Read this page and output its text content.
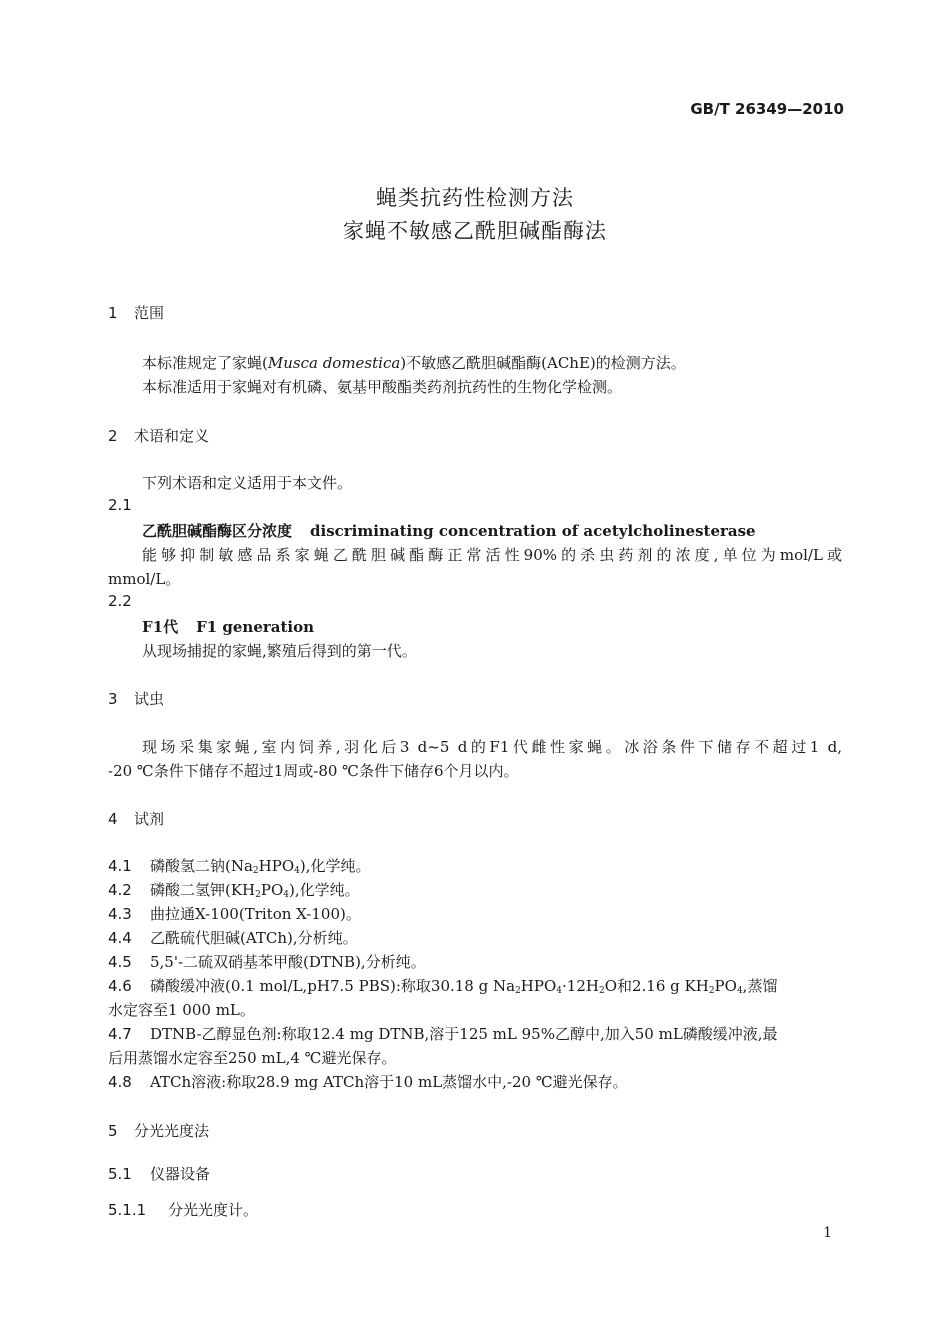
GB/T 26349—2010
蝇类抗药性检测方法
家蝇不敏感乙酰胆碱酯酶法
1 范围
本标准规定了家蝇(Musca domestica)不敏感乙酰胆碱酯酶(AChE)的检测方法。
本标准适用于家蝇对有机磷、氨基甲酸酯类药剂抗药性的生物化学检测。
2 术语和定义
下列术语和定义适用于本文件。
2.1
乙酰胆碱酯酶区分浓度 discriminating concentration of acetylcholinesterase
能够抑制敏感品系家蝇乙酰胆碱酯酶正常活性90%的杀虫药剂的浓度,单位为mol/L或
mmol/L。
2.2
F1代 F1 generation
从现场捕捉的家蝇,繁殖后得到的第一代。
3 试虫
现场采集家蝇,室内饲养,羽化后3 d~5 d的F1代雌性家蝇。冰浴条件下储存不超过1 d,
-20 ℃条件下储存不超过1周或-80 ℃条件下储存6个月以内。
4 试剂
4.1 磷酸氢二钠$(Na_2HPO_4)$,化学纯。
4.2 磷酸二氢钾$(KH_2PO_4)$,化学纯。
4.3 曲拉通X-100(Triton X-100)。
4.4 乙酰硫代胆碱(ATCh),分析纯。
4.5 5,5'-二硫双硝基苯甲酸(DTNB),分析纯。
4.6 磷酸缓冲液(0.1 mol/L,pH7.5 PBS):称取30.18 g $Na_2HPO_4\cdot 12H_2O$和2.16 g $KH_2PO_4$,蒸馏
水定容至1 000 mL。
4.7 DTNB-乙醇显色剂:称取12.4 mg DTNB,溶于125 mL 95%乙醇中,加入50 mL磷酸缓冲液,最
后用蒸馏水定容至250 mL,4 ℃避光保存。
4.8 ATCh溶液:称取28.9 mg ATCh溶于10 mL蒸馏水中,-20 ℃避光保存。
5 分光光度法
5.1 仪器设备
5.1.1 分光光度计。
1
